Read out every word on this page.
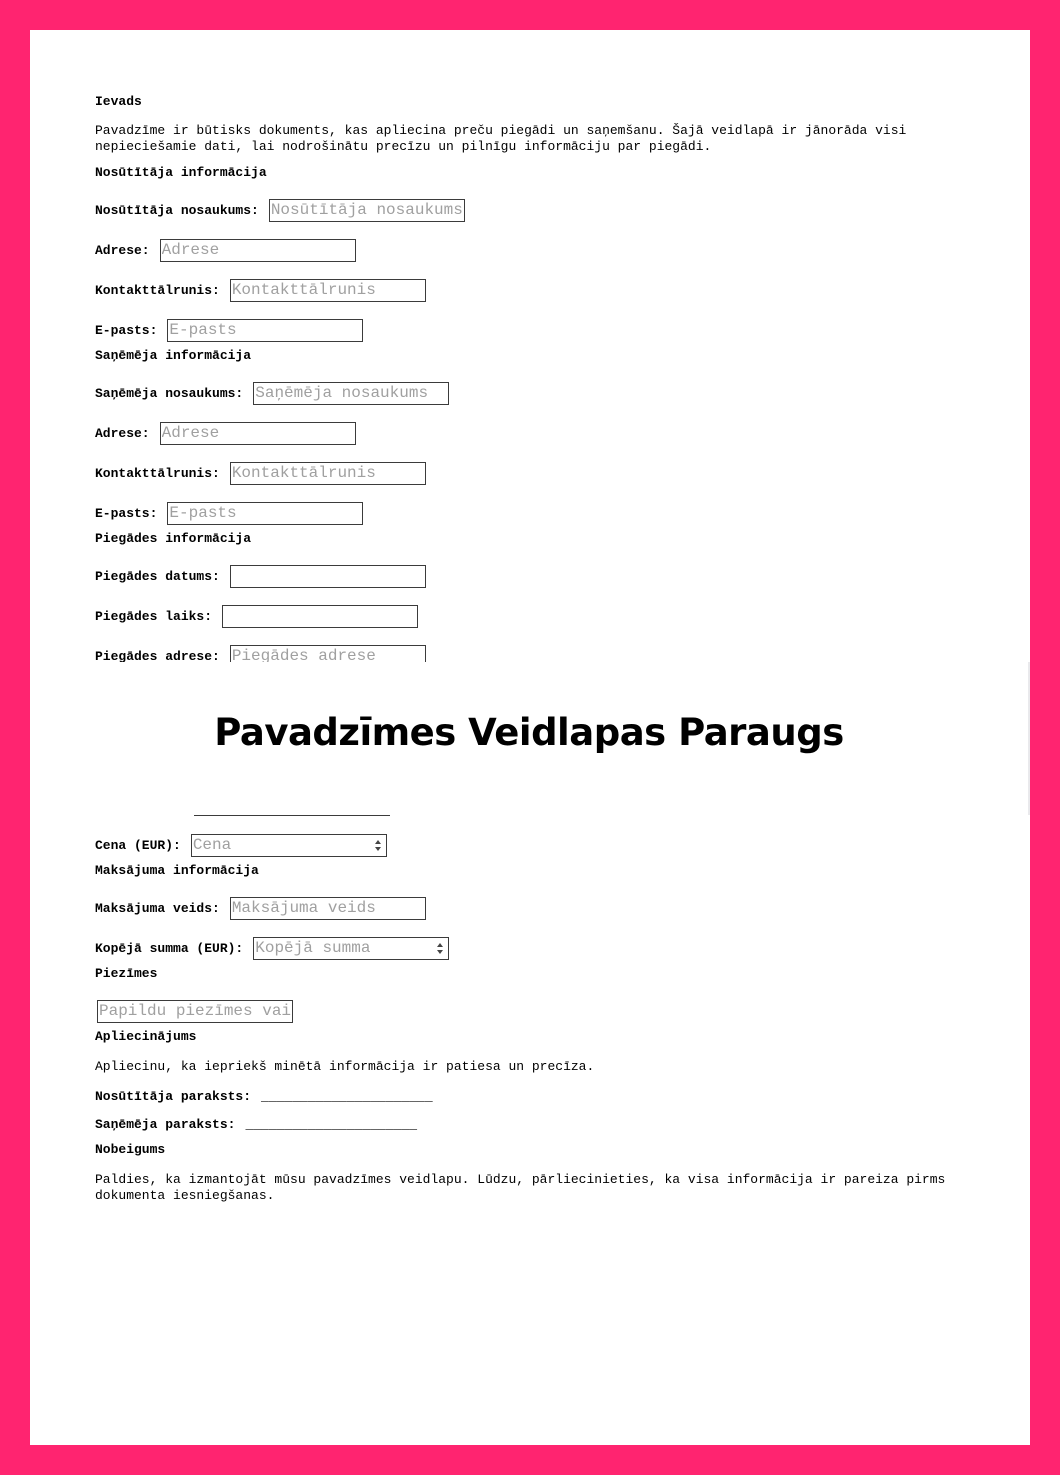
Ievads

Pavadzīme ir būtisks dokuments, kas apliecina preču piegādi un saņemšanu. Šajā veidlapā ir jānorāda visi nepieciešamie dati, lai nodrošinātu precīzu un pilnīgu informāciju par piegādi.

Nosūtītāja informācija
Nosūtītāja nosaukums:
Nosūtītāja nosaukums
Adrese:
Adrese
Kontakttālrunis:
Kontakttālrunis
E-pasts:
E-pasts
Saņēmēja informācija
Saņēmēja nosaukums:
Saņēmēja nosaukums
Adrese:
Adrese
Kontakttālrunis:
Kontakttālrunis
E-pasts:
E-pasts
Piegādes informācija
Piegādes datums:
Piegādes laiks:
Piegādes adrese:
Piegādes adrese
Pavadzīmes Veidlapas Paraugs
Cena (EUR):
Cena
Maksājuma informācija
Maksājuma veids:
Maksājuma veids
Kopējā summa (EUR):
Kopējā summa
Piezīmes
Papildu piezīmes vai
Apliecinājums

Apliecinu, ka iepriekš minētā informācija ir patiesa un precīza.

Nosūtītāja paraksts: ______________________
Saņēmēja paraksts: ______________________
Nobeigums

Paldies, ka izmantojāt mūsu pavadzīmes veidlapu. Lūdzu, pārliecinieties, ka visa informācija ir pareiza pirms dokumenta iesniegšanas.
